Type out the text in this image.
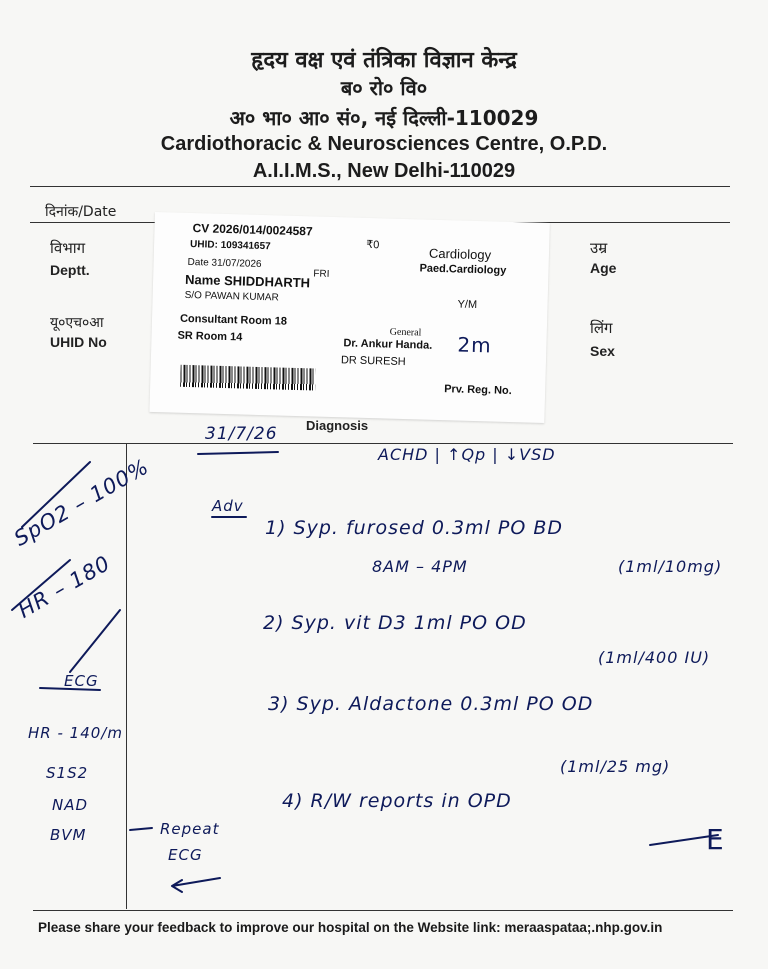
हृदय वक्ष एवं तंत्रिका विज्ञान केन्द्र
ब० रो० वि०
अ० भा० आ० सं०, नई दिल्ली-110029
Cardiothoracic & Neurosciences Centre, O.P.D.
A.I.I.M.S., New Delhi-110029
दिनांक/Date
विभाग
Deptt.
यू०एच०आ
UHID No
उम्र
Age
लिंग
Sex
Diagnosis
CV 2026/014/0024587
UHID: 109341657
Date 31/07/2026
FRI
Name SHIDDHARTH
S/O PAWAN KUMAR
₹0
Cardiology
Paed.Cardiology
Y/M
Consultant Room 18
SR Room 14	General
Dr. Ankur Handa.
DR SURESH
Prv. Reg. No.
2m
31/7/26
ACHD | ↑Qp | ↓VSD
Adv
1) Syp. furosed 0.3ml PO BD
8AM – 4PM	(1ml/10mg)
2) Syp. vit D3 1ml PO OD
(1ml/400 IU)
3) Syp. Aldactone 0.3ml PO OD
(1ml/25 mg)
4) R/W reports in OPD
E
SpO2 – 100%
HR – 180
ECG
HR - 140/m
S1S2
NAD
BVM	Repeat
ECG
Please share your feedback to improve our hospital on the Website link: meraaspataa;.nhp.gov.in
